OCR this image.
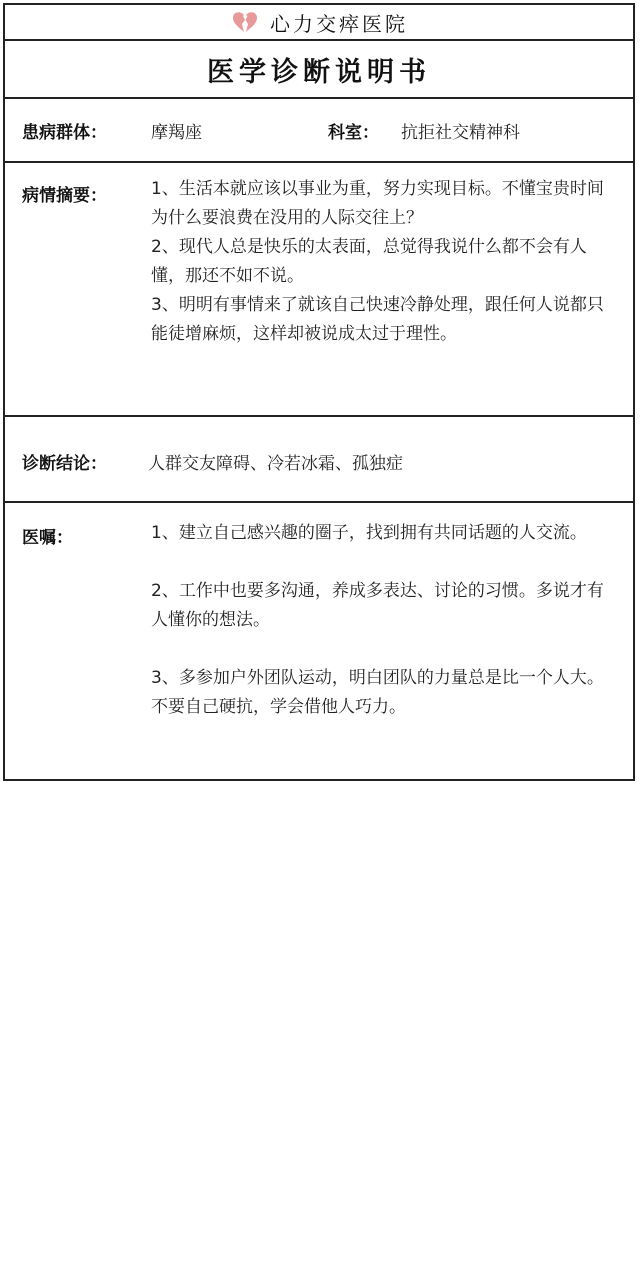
心力交瘁医院
医学诊断说明书
患病群体：	摩羯座	科室： 抗拒社交精神科
病情摘要：	1、生活本就应该以事业为重，努力实现目标。不懂宝贵时间为什么要浪费在没用的人际交往上？

2、现代人总是快乐的太表面，总觉得我说什么都不会有人懂，那还不如不说。

3、明明有事情来了就该自己快速冷静处理，跟任何人说都只能徒增麻烦，这样却被说成太过于理性。

诊断结论： 人群交友障碍、冷若冰霜、孤独症
医嘱：	1、建立自己感兴趣的圈子，找到拥有共同话题的人交流。

2、工作中也要多沟通，养成多表达、讨论的习惯。多说才有人懂你的想法。

3、多参加户外团队运动，明白团队的力量总是比一个人大。不要自己硬抗，学会借他人巧力。
